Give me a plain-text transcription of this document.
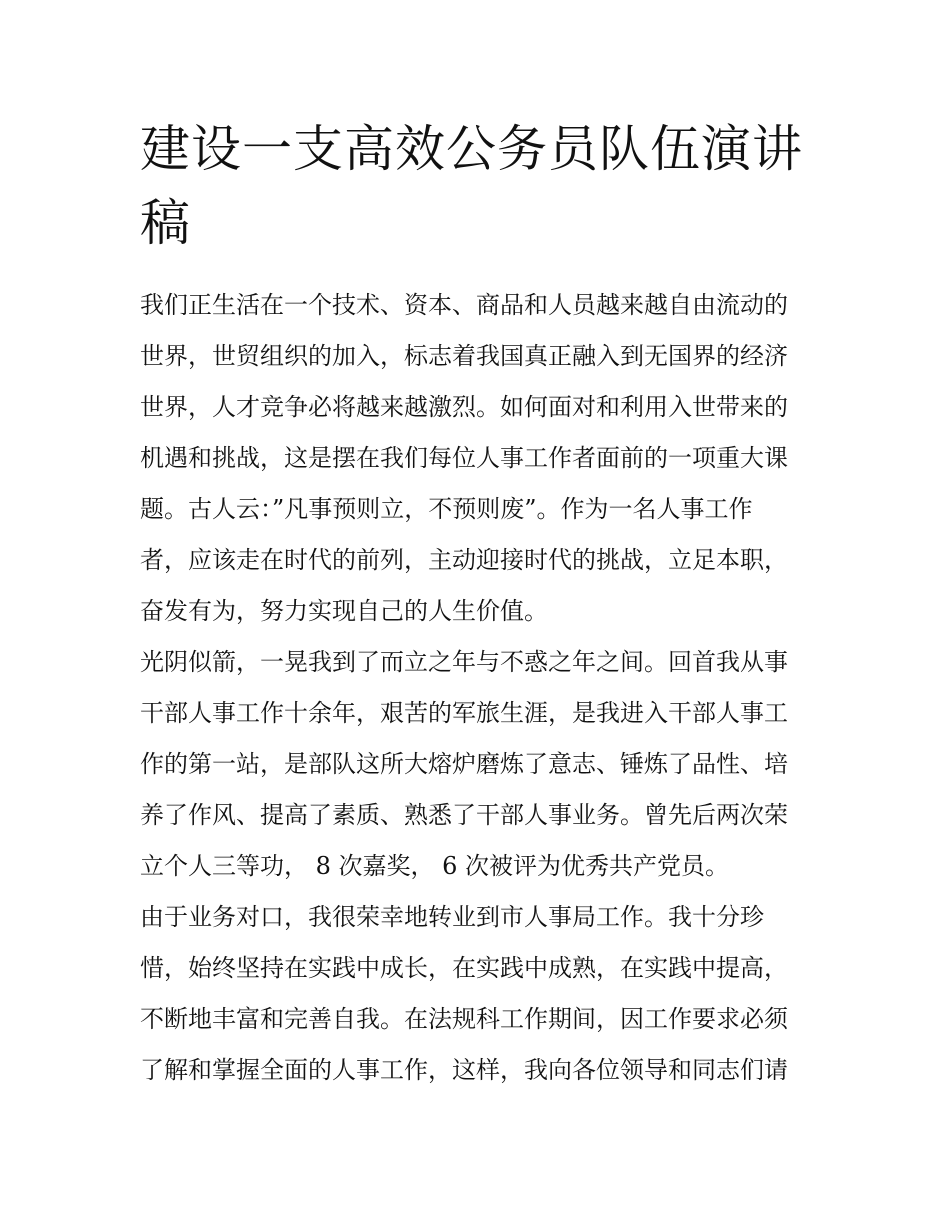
建设一支高效公务员队伍演讲
稿
我们正生活在一个技术、资本、商品和人员越来越自由流动的
世界，世贸组织的加入，标志着我国真正融入到无国界的经济
世界，人才竞争必将越来越激烈。如何面对和利用入世带来的
机遇和挑战，这是摆在我们每位人事工作者面前的一项重大课
题。古人云：”凡事预则立，不预则废”。作为一名人事工作
者，应该走在时代的前列，主动迎接时代的挑战，立足本职，
奋发有为，努力实现自己的人生价值。
光阴似箭，一晃我到了而立之年与不惑之年之间。回首我从事
干部人事工作十余年，艰苦的军旅生涯，是我进入干部人事工
作的第一站，是部队这所大熔炉磨炼了意志、锤炼了品性、培
养了作风、提高了素质、熟悉了干部人事业务。曾先后两次荣
立个人三等功， 8 次嘉奖， 6 次被评为优秀共产党员。
由于业务对口，我很荣幸地转业到市人事局工作。我十分珍
惜，始终坚持在实践中成长，在实践中成熟，在实践中提高，
不断地丰富和完善自我。在法规科工作期间，因工作要求必须
了解和掌握全面的人事工作，这样，我向各位领导和同志们请
